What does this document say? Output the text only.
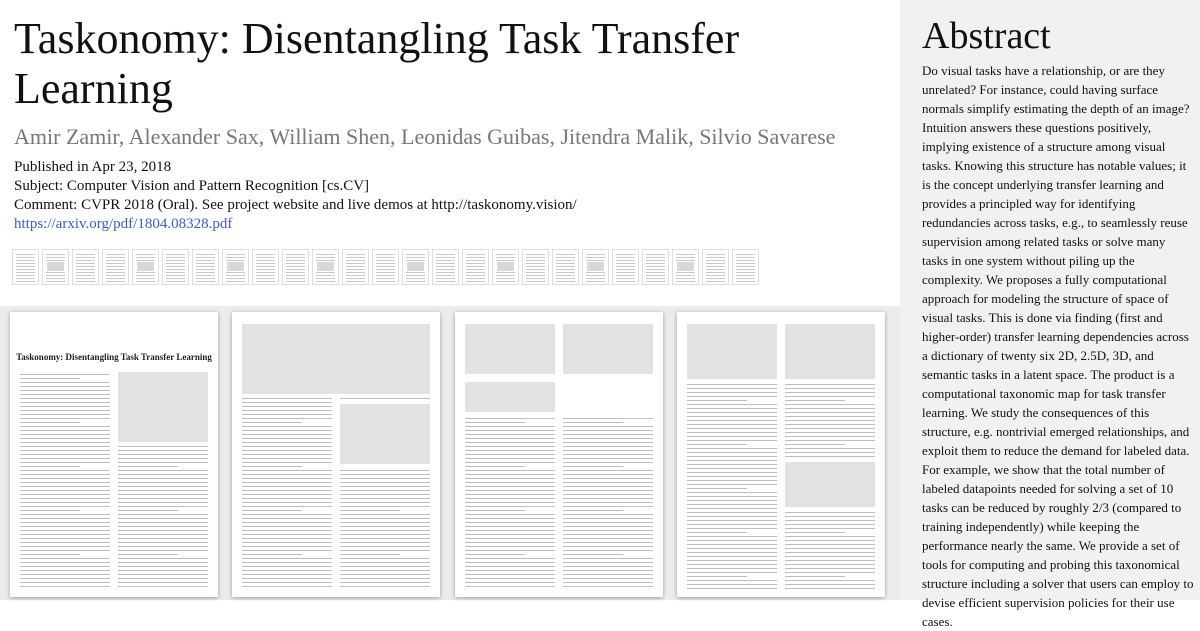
Taskonomy: Disentangling Task Transfer Learning
Amir Zamir, Alexander Sax, William Shen, Leonidas Guibas, Jitendra Malik, Silvio Savarese
Published in Apr 23, 2018
Subject: Computer Vision and Pattern Recognition [cs.CV]
Comment: CVPR 2018 (Oral). See project website and live demos at http://taskonomy.vision/
https://arxiv.org/pdf/1804.08328.pdf
Taskonomy: Disentangling Task Transfer Learning
Abstract
Do visual tasks have a relationship, or are they unrelated? For instance, could having surface normals simplify estimating the depth of an image? Intuition answers these questions positively, implying existence of a structure among visual tasks. Knowing this structure has notable values; it is the concept underlying transfer learning and provides a principled way for identifying redundancies across tasks, e.g., to seamlessly reuse supervision among related tasks or solve many tasks in one system without piling up the complexity. We proposes a fully computational approach for modeling the structure of space of visual tasks. This is done via finding (first and higher-order) transfer learning dependencies across a dictionary of twenty six 2D, 2.5D, 3D, and semantic tasks in a latent space. The product is a computational taxonomic map for task transfer learning. We study the consequences of this structure, e.g. nontrivial emerged relationships, and exploit them to reduce the demand for labeled data. For example, we show that the total number of labeled datapoints needed for solving a set of 10 tasks can be reduced by roughly 2/3 (compared to training independently) while keeping the performance nearly the same. We provide a set of tools for computing and probing this taxonomical structure including a solver that users can employ to devise efficient supervision policies for their use cases.
